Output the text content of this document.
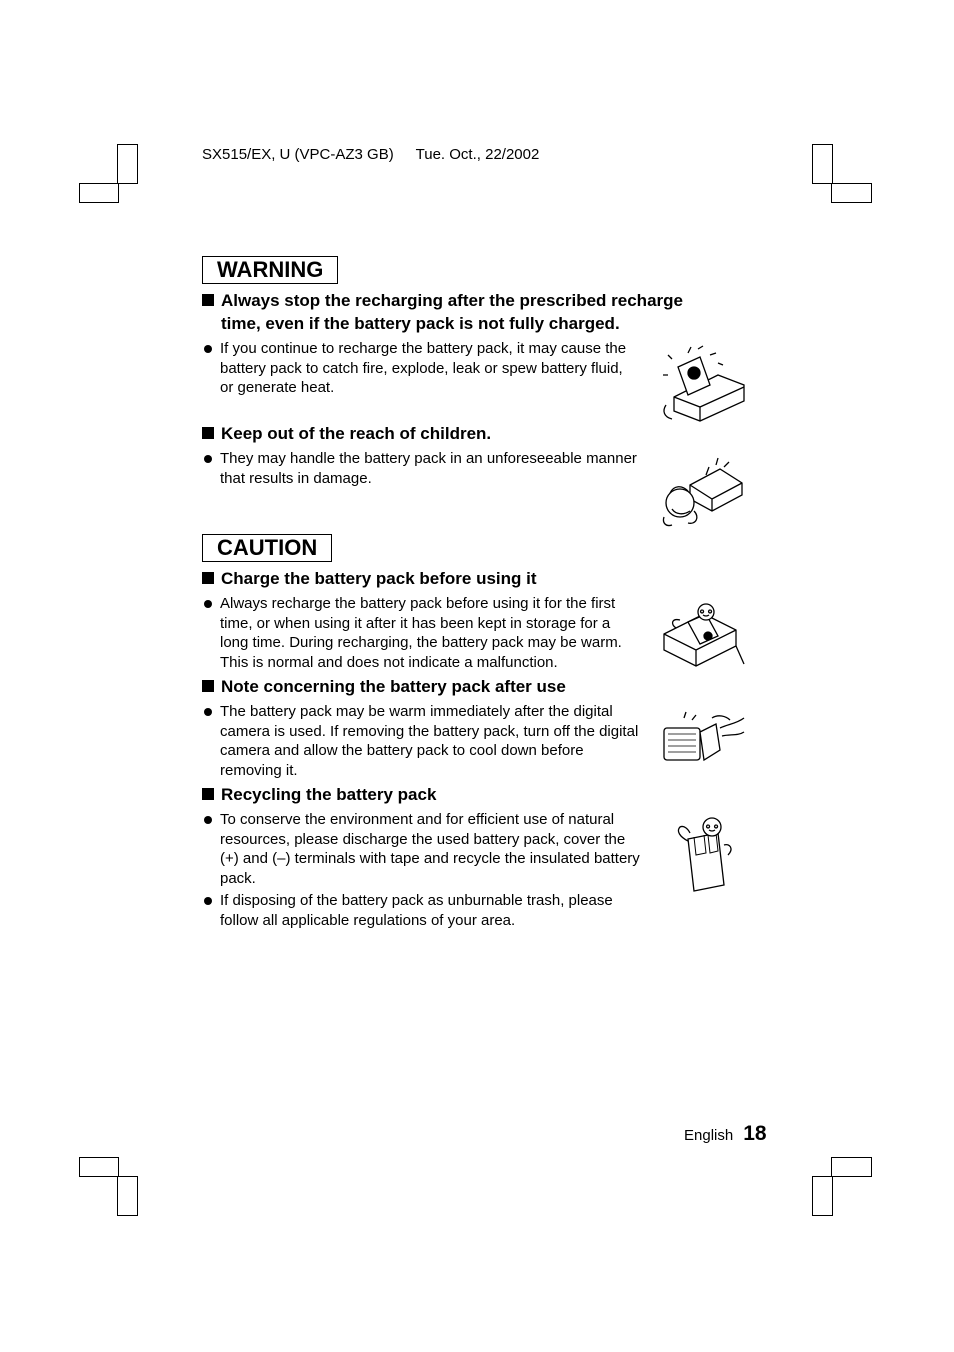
SX515/EX, U (VPC-AZ3 GB) Tue. Oct., 22/2002
WARNING
Always stop the recharging after the prescribed recharge time, even if the battery pack is not fully charged.
If you continue to recharge the battery pack, it may cause the battery pack to catch fire, explode, leak or spew battery fluid, or generate heat.
Keep out of the reach of children.
They may handle the battery pack in an unforeseeable manner that results in damage.
CAUTION
Charge the battery pack before using it
Always recharge the battery pack before using it for the first time, or when using it after it has been kept in storage for a long time. During recharging, the battery pack may be warm. This is normal and does not indicate a malfunction.
Note concerning the battery pack after use
The battery pack may be warm immediately after the digital camera is used. If removing the battery pack, turn off the digital camera and allow the battery pack to cool down before removing it.
Recycling the battery pack
To conserve the environment and for efficient use of natural resources, please discharge the used battery pack, cover the (+) and (–) terminals with tape and recycle the insulated battery pack.
If disposing of the battery pack as unburnable trash, please follow all applicable regulations of your area.
English 18
